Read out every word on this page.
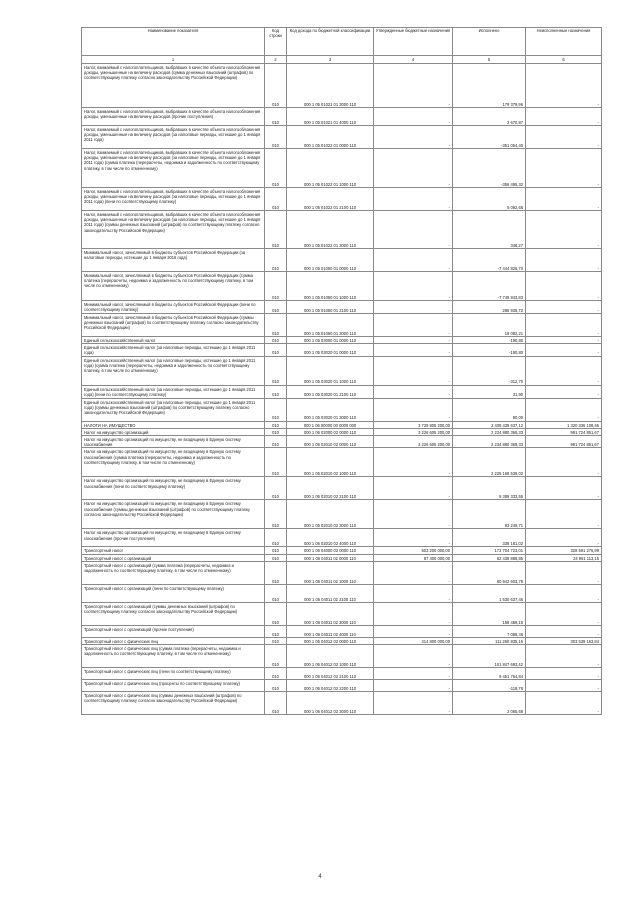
Наименование показателя	Код строки	Код дохода по бюджетной классификации	Утвержденные бюджетные назначения	Исполнено	Неисполненные назначения
1	2	3	4	5	6
Налог, взимаемый с налогоплательщиков, выбравших в качестве объекта налогообложения доходы, уменьшенные на величину расходов (сумма денежных взысканий (штрафов) по соответствующему платежу согласно законодательству Российской Федерации)	010	000 1 05 01021 01 3000 110	-	179 379,96	-
Налог, взимаемый с налогоплательщиков, выбравших в качестве объекта налогообложения доходы, уменьшенные на величину расходов (прочие поступления)	010	000 1 05 01021 01 4000 110	-	2 670,87	-
Налог, взимаемый с налогоплательщиков, выбравших в качестве объекта налогообложения доходы, уменьшенные на величину расходов (за налоговые периоды, истекшие до 1 января 2011 года)	010	000 1 05 01022 01 0000 110	-	-351 054,40	-
Налог, взимаемый с налогоплательщиков, выбравших в качестве объекта налогообложения доходы, уменьшенные на величину расходов (за налоговые периоды, истекшие до 1 января 2011 года) (сумма платежа (перерасчеты, недоимка и задолженность по соответствующему платежу, в том числе по отмененному)	010	000 1 05 01022 01 1000 110	-	-356 495,32	-
Налог, взимаемый с налогоплательщиков, выбравших в качестве объекта налогообложения доходы, уменьшенные на величину расходов (за налоговые периоды, истекшие до 1 января 2011 года) (пени по соответствующему платежу)	010	000 1 05 01022 01 2100 110	-	5 092,65	-
Налог, взимаемый с налогоплательщиков, выбравших в качестве объекта налогообложения доходы, уменьшенные на величину расходов (за налоговые периоды, истекшие до 1 января 2011 года) (суммы денежных взысканий (штрафов) по соответствующему платежу согласно законодательству Российской Федерации)	010	000 1 05 01022 01 3000 110	-	348,27	-
Минимальный налог, зачисляемый в бюджеты субъектов Российской Федерации (за налоговые периоды, истекшие до 1 января 2016 года)	010	000 1 05 01050 01 0000 110	-	-7 444 826,70	-
Минимальный налог, зачисляемый в бюджеты субъектов Российской Федерации (сумма платежа (перерасчеты, недоимка и задолженность по соответствующему платежу, в том числе по отмененному)	010	000 1 05 01050 01 1000 110	-	-7 749 843,83	-
Минимальный налог, зачисляемый в бюджеты субъектов Российской Федерации (пени по соответствующему платежу)	010	000 1 05 01050 01 2100 110	-	285 935,72	-
Минимальный налог, зачисляемый в бюджеты субъектов Российской Федерации (суммы денежных взысканий (штрафов) по соответствующему платежу согласно законодательству Российской Федерации)	010	000 1 05 01050 01 3000 110	-	19 082,21	-
Единый сельскохозяйственный налог	010	000 1 05 03000 01 0000 110	-	-190,80	-
Единый сельскохозяйственный налог (за налоговые периоды, истекшие до 1 января 2011 года)	010	000 1 05 03020 01 0000 110	-	-190,80	-
Единый сельскохозяйственный налог (за налоговые периоды, истекшие до 1 января 2011 года) (сумма платежа (перерасчеты, недоимка и задолженность по соответствующему платежу, в том числе по отмененному)	010	000 1 05 03020 01 1000 110	-	-312,70	-
Единый сельскохозяйственный налог (за налоговые периоды, истекшие до 1 января 2011 года) (пени по соответствующему платежу)	010	000 1 05 03020 01 2100 110	-	31,90	-
Единый сельскохозяйственный налог (за налоговые периоды, истекшие до 1 января 2011 года) (суммы денежных взысканий (штрафов) по соответствующему платежу согласно законодательству Российской Федерации)	010	000 1 05 03020 01 3000 110	-	90,00	-
НАЛОГИ НА ИМУЩЕСТВО	010	000 1 06 00000 00 0000 000	3 729 805 200,00	2 408 439 637,12	1 320 336 108,66
Налог на имущество организаций	010	000 1 06 02000 02 0000 110	3 226 605 200,00	2 224 880 365,33	991 724 851,67
Налог на имущество организаций по имуществу, не входящему в Единую систему газоснабжения	010	000 1 06 02010 02 0000 110	3 226 605 200,00	2 234 880 369,33	991 724 851,67
Налог на имущество организаций по имуществу, не входящему в Единую систему газоснабжения (сумма платежа (перерасчеты, недоимка и задолженность по соответствующему платежу, в том числе по отмененному)	010	000 1 06 02010 02 1000 110	-	2 225 168 539,02	-
Налог на имущество организаций по имуществу, не входящему в Единую систему газоснабжения (пени по соответствующему платежу)	010	000 1 06 02010 02 2100 110	-	9 389 333,55	-
Налог на имущество организаций по имуществу, не входящему в Единую систему газоснабжения (суммы денежных взысканий (штрафов) по соответствующему платежу согласно законодательству Российской Федерации)	010	000 1 06 02010 02 3000 110	-	93 249,71	-
Налог на имущество организаций по имуществу, не входящему в Единую систему газоснабжения (прочие поступления)	010	000 1 06 02010 02 4000 110	-	338 181,02	-
Транспортный налог	010	000 1 06 04000 02 0000 110	503 200 000,00	173 704 723,01	328 591 276,99
Транспортный налог с организаций	010	000 1 06 04011 02 0000 110	87 400 000,00	62 438 888,85	24 961 113,15
Транспортный налог с организаций (сумма платежа (перерасчеты, недоимка и задолженность по соответствующему платежу, в том числе по отмененному)	010	000 1 06 04011 02 1000 110	-	60 942 603,78	-
Транспортный налог с организаций (пени по соответствующему платежу)	010	000 1 06 04011 02 2100 110	-	1 530 637,46	-
Транспортный налог с организаций (суммы денежных взысканий (штрафов) по соответствующему платежу согласно законодательству Российской Федерации)	010	000 1 06 04011 02 3000 110	-	158 459,15	-
Транспортный налог с организаций (прочие поступления)	010	000 1 06 04011 02 4000 110	-	7 098,46	-
Транспортный налог с физических лиц	010	000 1 06 04012 02 0000 110	414 800 000,00	111 260 835,16	303 539 163,84
Транспортный налог с физических лиц (сумма платежа (перерасчеты, недоимка и задолженность по соответствующему платежу, в том числе по отмененному)	010	000 1 06 04012 02 1000 110	-	101 847 693,42	-
Транспортный налог с физических лиц (пени по соответствующему платежу)	010	000 1 06 04012 02 2100 110	-	9 451 764,84	-
Транспортный налог с физических лиц (проценты по соответствующему платежу)	010	000 1 06 04012 02 2200 110	-	-118,78	-
Транспортный налог с физических лиц (суммы денежных взысканий (штрафов) по соответствующему платежу согласно законодательству Российской Федерации)	010	000 1 06 04012 02 3000 110	-	2 065,68	-
4
